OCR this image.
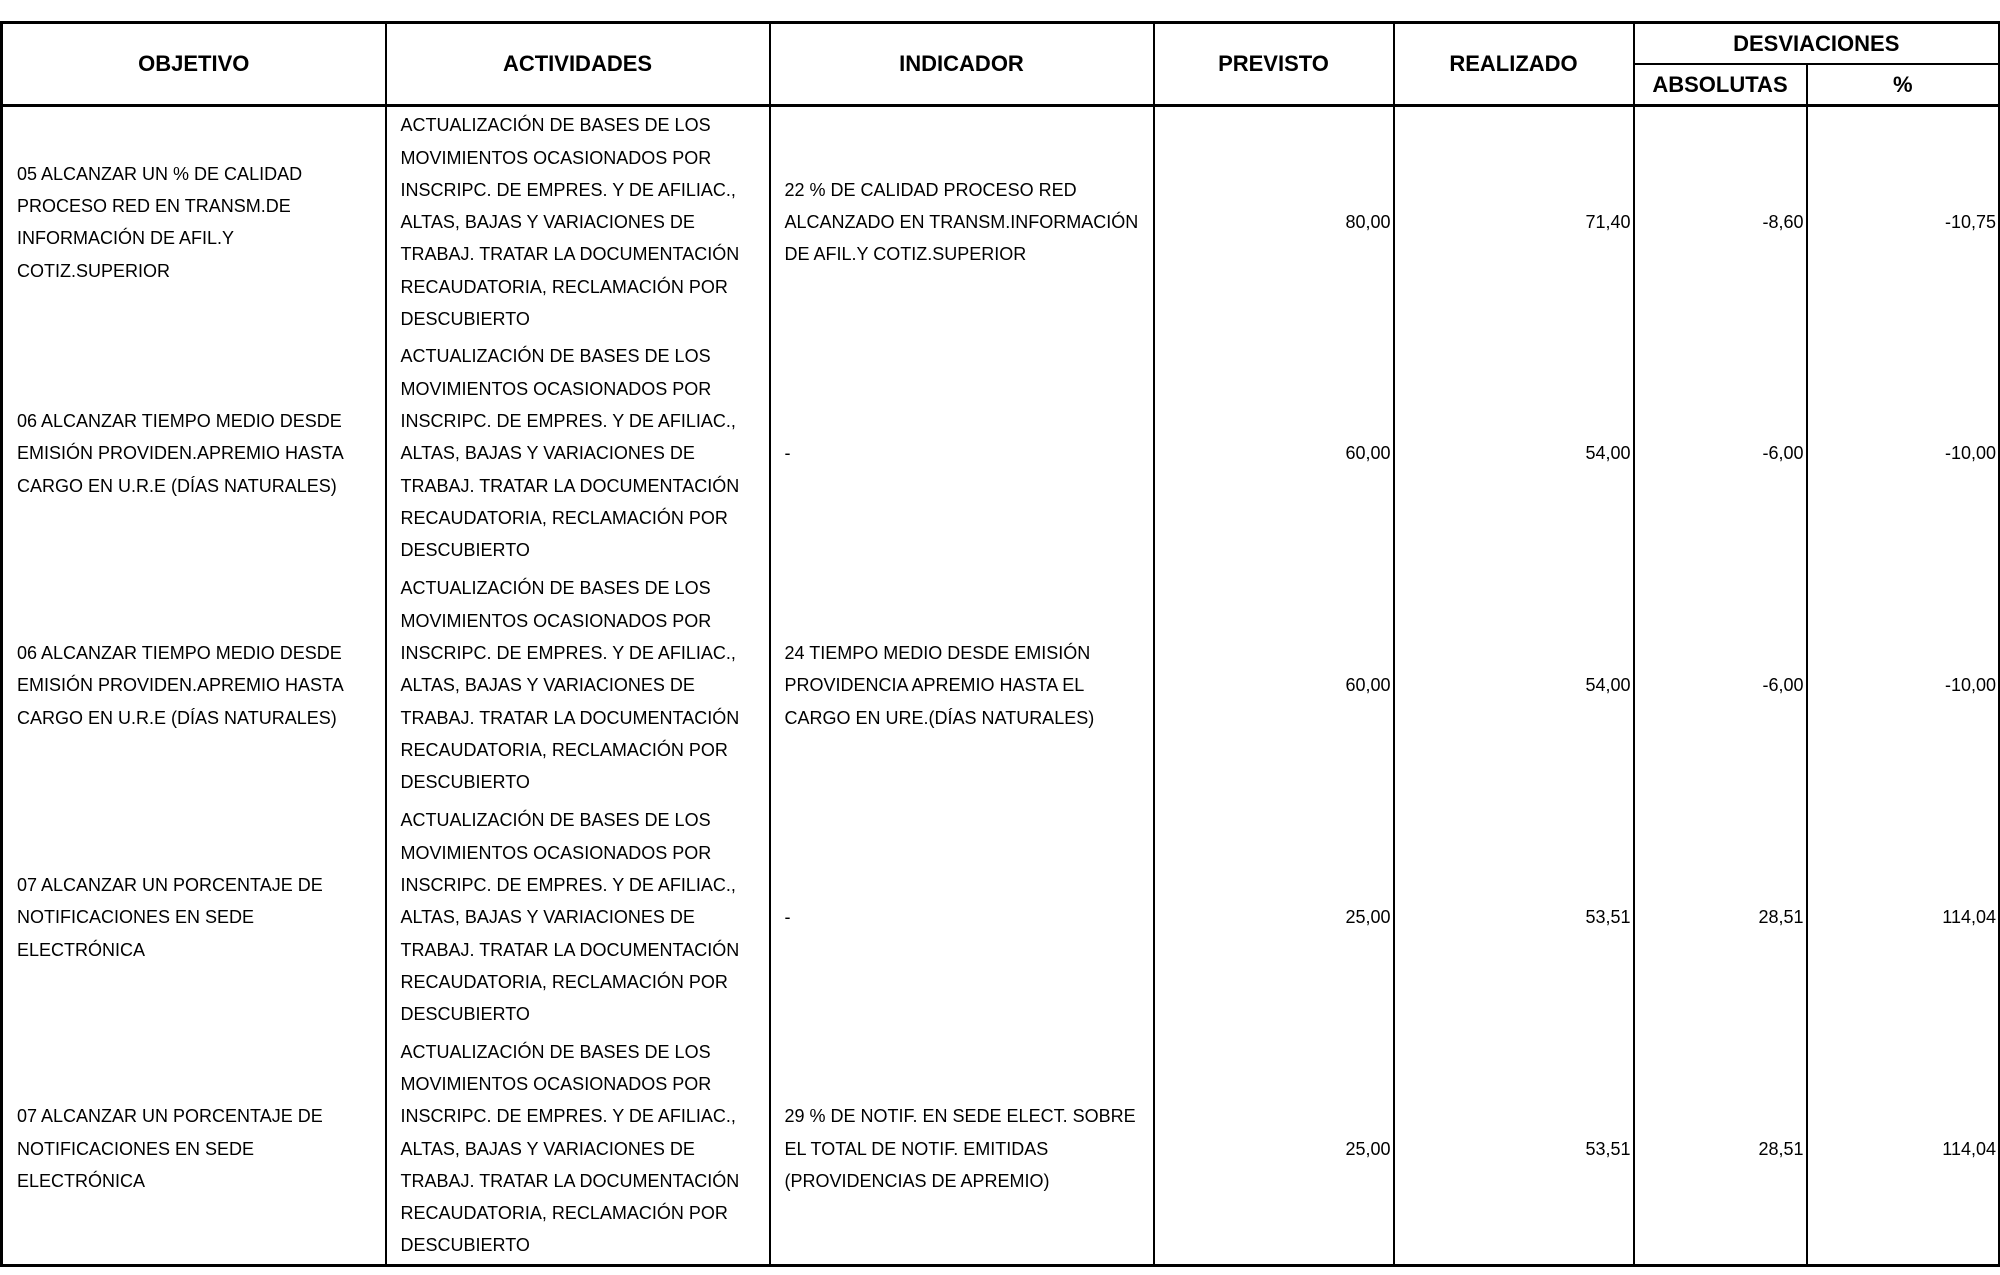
OBJETIVO	ACTIVIDADES	INDICADOR	PREVISTO	REALIZADO	DESVIACIONES	
					ABSOLUTAS	%
05 ALCANZAR UN % DE CALIDAD PROCESO RED EN TRANSM.DE INFORMACIÓN DE AFIL.Y COTIZ.SUPERIOR	ACTUALIZACIÓN DE BASES DE LOS MOVIMIENTOS OCASIONADOS POR INSCRIPC. DE EMPRES. Y DE AFILIAC., ALTAS, BAJAS Y VARIACIONES DE TRABAJ. TRATAR LA DOCUMENTACIÓN RECAUDATORIA, RECLAMACIÓN POR DESCUBIERTO	22 % DE CALIDAD PROCESO RED ALCANZADO EN TRANSM.INFORMACIÓN DE AFIL.Y COTIZ.SUPERIOR	80,00	71,40	-8,60	-10,75
06 ALCANZAR TIEMPO MEDIO DESDE EMISIÓN PROVIDEN.APREMIO HASTA CARGO EN U.R.E (DÍAS NATURALES)	ACTUALIZACIÓN DE BASES DE LOS MOVIMIENTOS OCASIONADOS POR INSCRIPC. DE EMPRES. Y DE AFILIAC., ALTAS, BAJAS Y VARIACIONES DE TRABAJ. TRATAR LA DOCUMENTACIÓN RECAUDATORIA, RECLAMACIÓN POR DESCUBIERTO	-	60,00	54,00	-6,00	-10,00
06 ALCANZAR TIEMPO MEDIO DESDE EMISIÓN PROVIDEN.APREMIO HASTA CARGO EN U.R.E (DÍAS NATURALES)	ACTUALIZACIÓN DE BASES DE LOS MOVIMIENTOS OCASIONADOS POR INSCRIPC. DE EMPRES. Y DE AFILIAC., ALTAS, BAJAS Y VARIACIONES DE TRABAJ. TRATAR LA DOCUMENTACIÓN RECAUDATORIA, RECLAMACIÓN POR DESCUBIERTO	24 TIEMPO MEDIO DESDE EMISIÓN PROVIDENCIA APREMIO HASTA EL CARGO EN URE.(DÍAS NATURALES)	60,00	54,00	-6,00	-10,00
07 ALCANZAR UN PORCENTAJE DE NOTIFICACIONES EN SEDE ELECTRÓNICA	ACTUALIZACIÓN DE BASES DE LOS MOVIMIENTOS OCASIONADOS POR INSCRIPC. DE EMPRES. Y DE AFILIAC., ALTAS, BAJAS Y VARIACIONES DE TRABAJ. TRATAR LA DOCUMENTACIÓN RECAUDATORIA, RECLAMACIÓN POR DESCUBIERTO	-	25,00	53,51	28,51	114,04
07 ALCANZAR UN PORCENTAJE DE NOTIFICACIONES EN SEDE ELECTRÓNICA	ACTUALIZACIÓN DE BASES DE LOS MOVIMIENTOS OCASIONADOS POR INSCRIPC. DE EMPRES. Y DE AFILIAC., ALTAS, BAJAS Y VARIACIONES DE TRABAJ. TRATAR LA DOCUMENTACIÓN RECAUDATORIA, RECLAMACIÓN POR DESCUBIERTO	29 % DE NOTIF. EN SEDE ELECT. SOBRE EL TOTAL DE NOTIF. EMITIDAS (PROVIDENCIAS DE APREMIO)	25,00	53,51	28,51	114,04
